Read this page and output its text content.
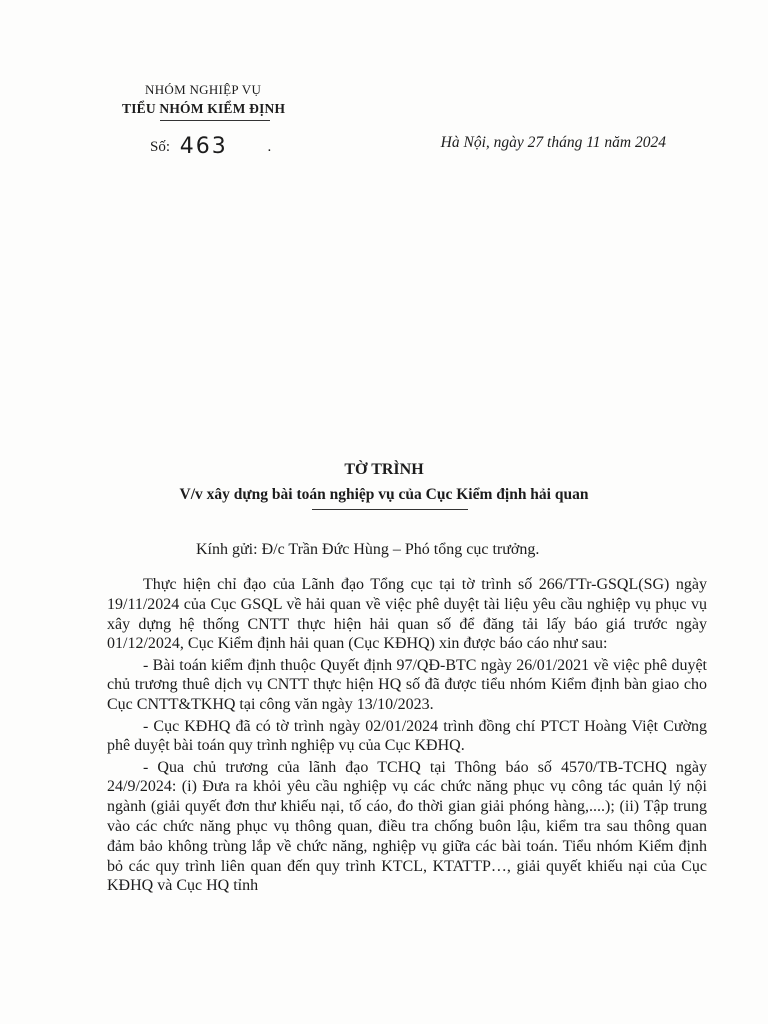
NHÓM NGHIỆP VỤ
TIỂU NHÓM KIỂM ĐỊNH
Số: 463	.	Hà Nội, ngày 27 tháng 11 năm 2024
TỜ TRÌNH
V/v xây dựng bài toán nghiệp vụ của Cục Kiểm định hải quan
Kính gửi: Đ/c Trần Đức Hùng – Phó tổng cục trưởng.

Thực hiện chỉ đạo của Lãnh đạo Tổng cục tại tờ trình số 266/TTr-GSQL(SG) ngày 19/11/2024 của Cục GSQL về hải quan về việc phê duyệt tài liệu yêu cầu nghiệp vụ phục vụ xây dựng hệ thống CNTT thực hiện hải quan số để đăng tải lấy báo giá trước ngày 01/12/2024, Cục Kiểm định hải quan (Cục KĐHQ) xin được báo cáo như sau:

- Bài toán kiểm định thuộc Quyết định 97/QĐ-BTC ngày 26/01/2021 về việc phê duyệt chủ trương thuê dịch vụ CNTT thực hiện HQ số đã được tiểu nhóm Kiểm định bàn giao cho Cục CNTT&TKHQ tại công văn ngày 13/10/2023.

- Cục KĐHQ đã có tờ trình ngày 02/01/2024 trình đồng chí PTCT Hoàng Việt Cường phê duyệt bài toán quy trình nghiệp vụ của Cục KĐHQ.

- Qua chủ trương của lãnh đạo TCHQ tại Thông báo số 4570/TB-TCHQ ngày 24/9/2024: (i) Đưa ra khỏi yêu cầu nghiệp vụ các chức năng phục vụ công tác quản lý nội ngành (giải quyết đơn thư khiếu nại, tố cáo, đo thời gian giải phóng hàng,....); (ii) Tập trung vào các chức năng phục vụ thông quan, điều tra chống buôn lậu, kiểm tra sau thông quan đảm bảo không trùng lắp về chức năng, nghiệp vụ giữa các bài toán. Tiểu nhóm Kiểm định bỏ các quy trình liên quan đến quy trình KTCL, KTATTP…, giải quyết khiếu nại của Cục KĐHQ và Cục HQ tỉnh
